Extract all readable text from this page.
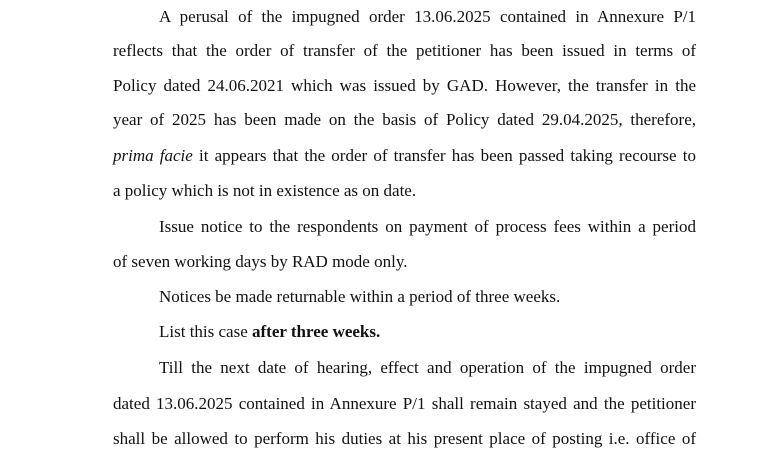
A perusal of the impugned order 13.06.2025 contained in Annexure P/1
reflects that the order of transfer of the petitioner has been issued in terms of
Policy dated 24.06.2021 which was issued by GAD. However, the transfer in the
year of 2025 has been made on the basis of Policy dated 29.04.2025, therefore,
prima facie it appears that the order of transfer has been passed taking recourse to
a policy which is not in existence as on date.
Issue notice to the respondents on payment of process fees within a period
of seven working days by RAD mode only.
Notices be made returnable within a period of three weeks.
List this case after three weeks.
Till the next date of hearing, effect and operation of the impugned order
dated 13.06.2025 contained in Annexure P/1 shall remain stayed and the petitioner
shall be allowed to perform his duties at his present place of posting i.e. office of
